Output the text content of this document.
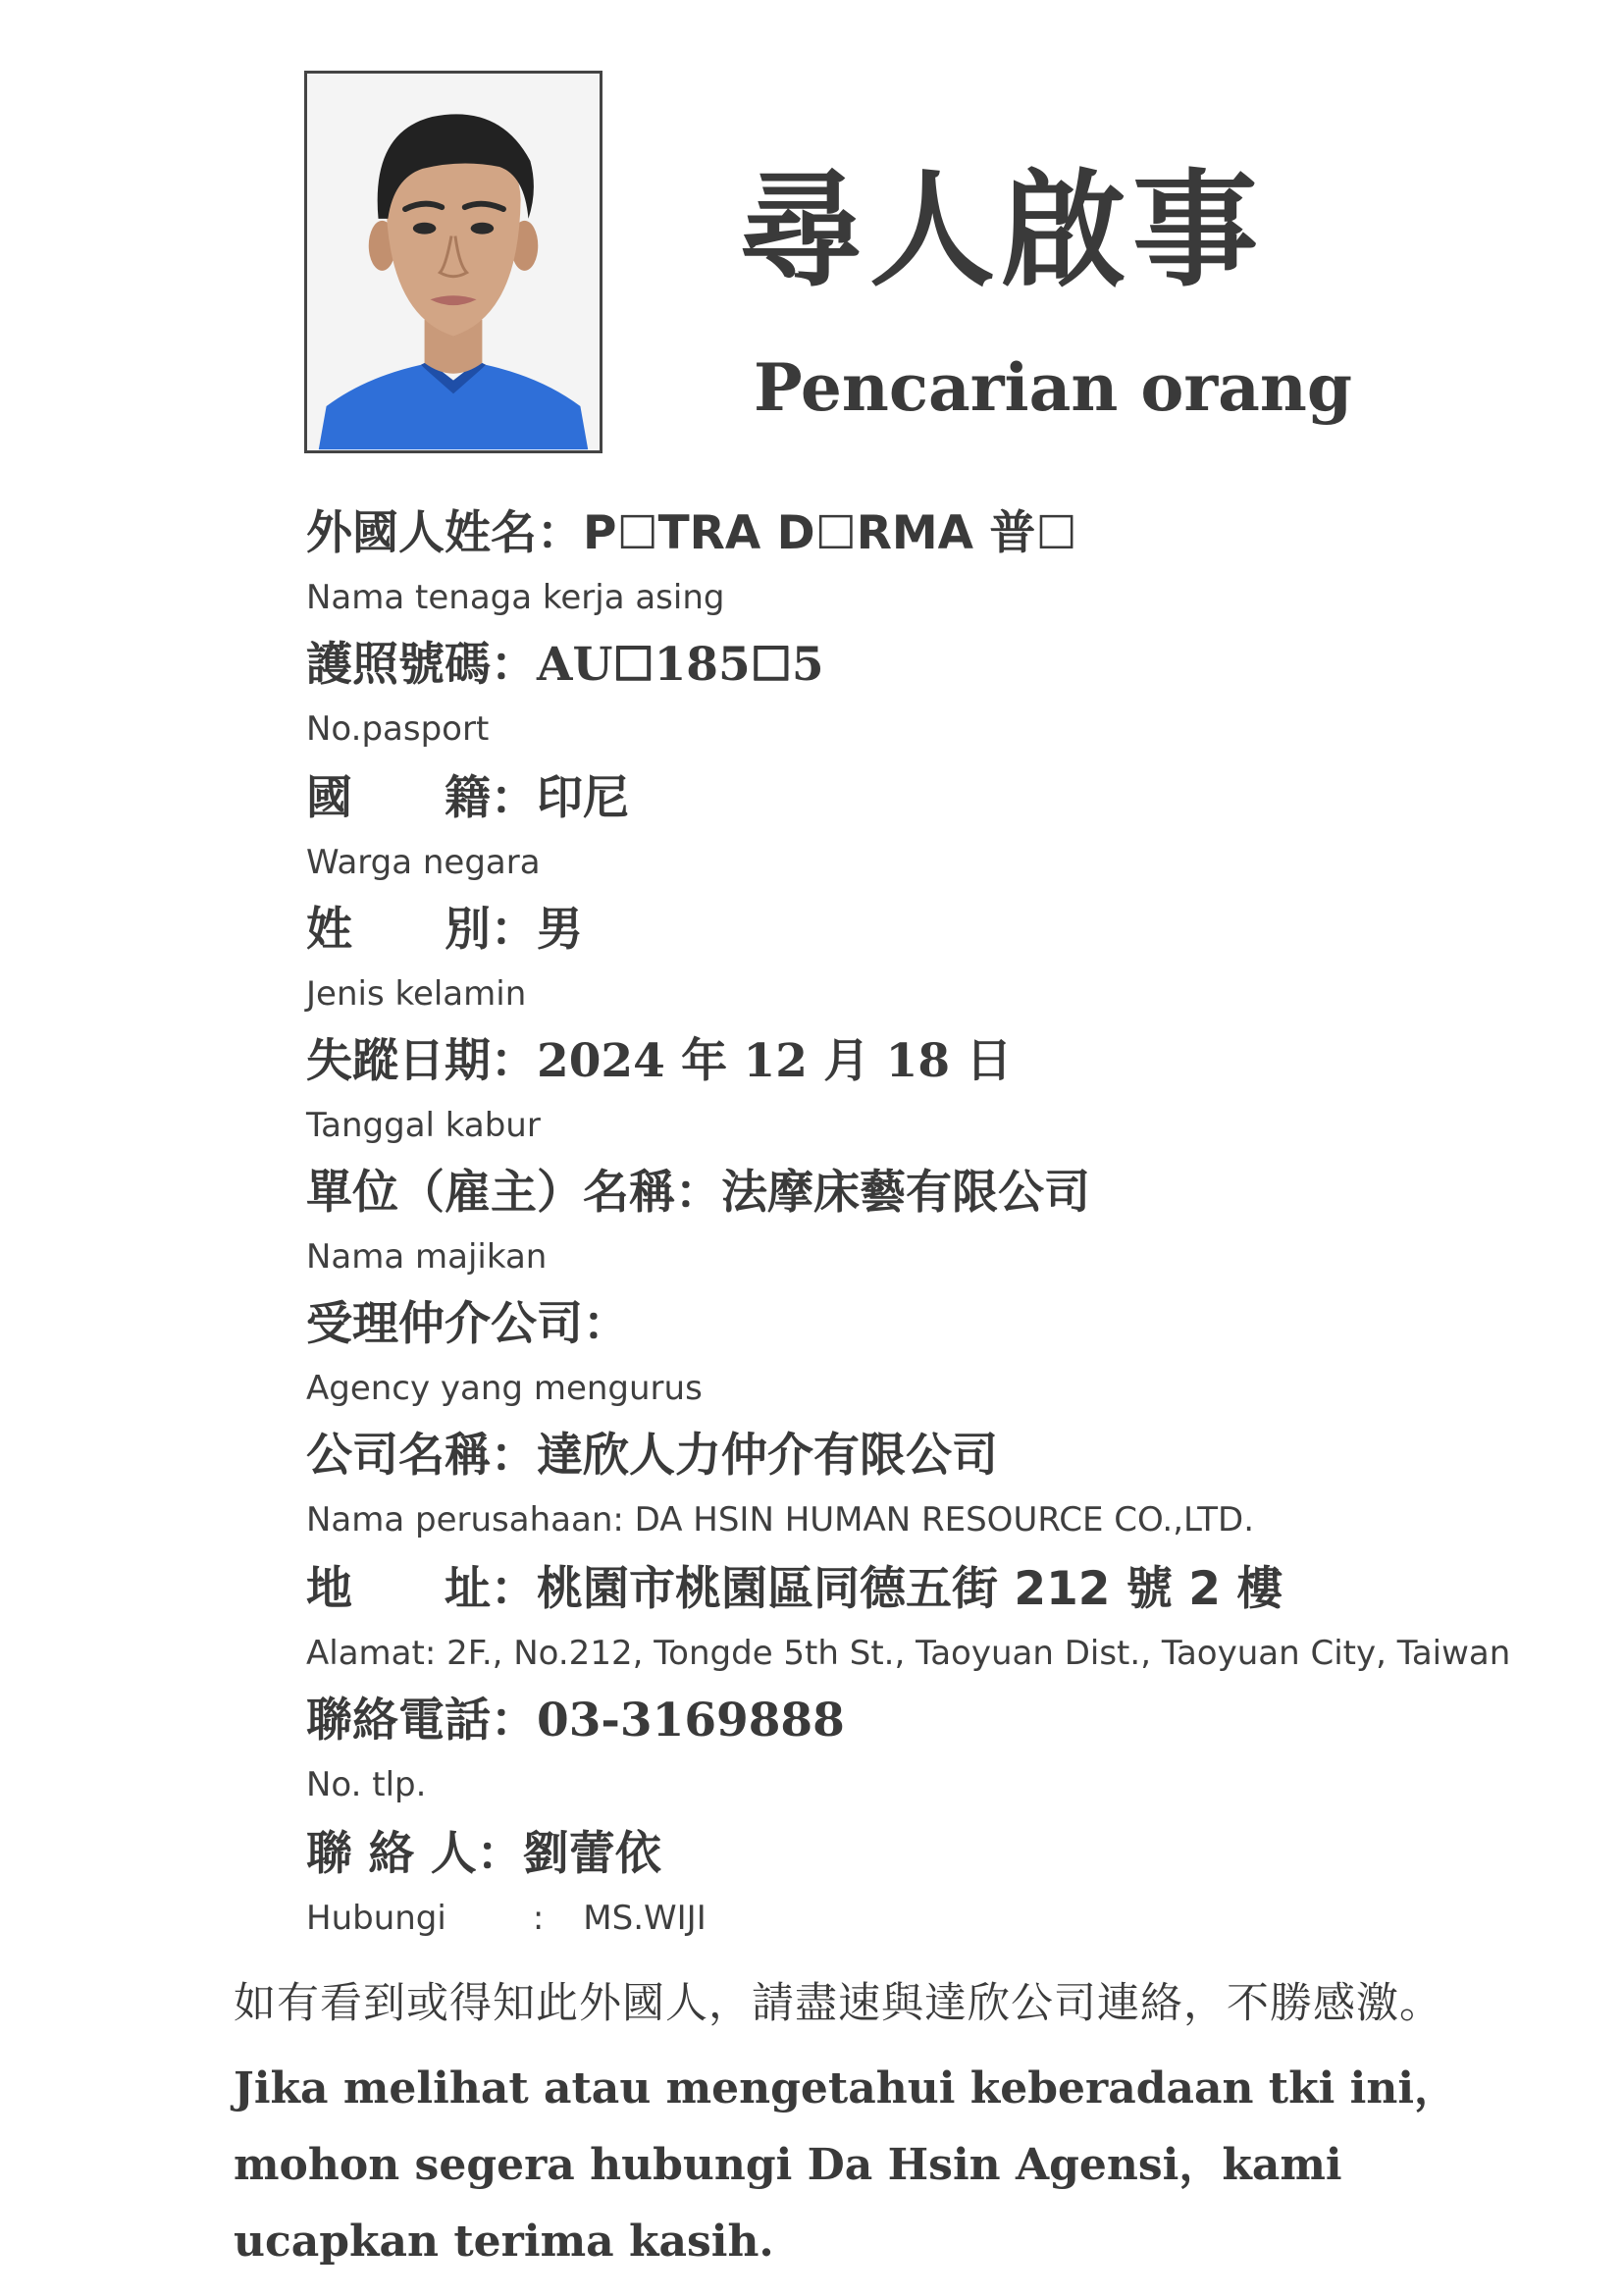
尋人啟事
Pencarian orang
外國人姓名：P☐TRA D☐RMA 普☐
Nama tenaga kerja asing
護照號碼：AU☐185☐5
No.pasport
國　　籍：印尼
Warga negara
姓　　別：男
Jenis kelamin
失蹤日期：2024 年 12 月 18 日
Tanggal kabur
單位（雇主）名稱：法摩床藝有限公司
Nama majikan
受理仲介公司：
Agency yang mengurus
公司名稱：達欣人力仲介有限公司
Nama perusahaan: DA HSIN HUMAN RESOURCE CO.,LTD.
地　　址：桃園市桃園區同德五街 212 號 2 樓
Alamat: 2F., No.212, Tongde 5th St., Taoyuan Dist., Taoyuan City, Taiwan
聯絡電話：03-3169888
No. tlp.
聯 絡 人：劉蕾依
Hubungi	: MS.WIJI
如有看到或得知此外國人，請盡速與達欣公司連絡，不勝感激。
Jika melihat atau mengetahui keberadaan tki ini，mohon segera hubungi Da Hsin Agensi，kami ucapkan terima kasih.
